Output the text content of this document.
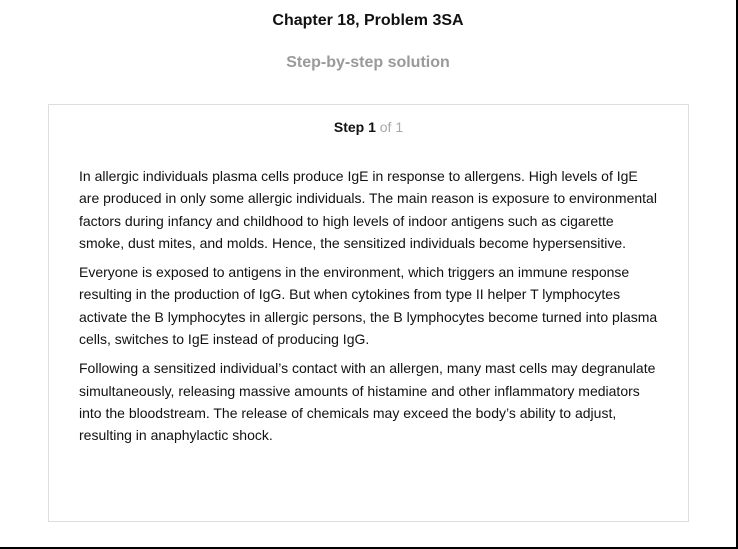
Chapter 18, Problem 3SA
Step-by-step solution
Step 1 of 1

In allergic individuals plasma cells produce IgE in response to allergens. High levels of IgE are produced in only some allergic individuals. The main reason is exposure to environmental factors during infancy and childhood to high levels of indoor antigens such as cigarette smoke, dust mites, and molds. Hence, the sensitized individuals become hypersensitive.

Everyone is exposed to antigens in the environment, which triggers an immune response resulting in the production of IgG. But when cytokines from type II helper T lymphocytes activate the B lymphocytes in allergic persons, the B lymphocytes become turned into plasma cells, switches to IgE instead of producing IgG.

Following a sensitized individual’s contact with an allergen, many mast cells may degranulate simultaneously, releasing massive amounts of histamine and other inflammatory mediators into the bloodstream. The release of chemicals may exceed the body’s ability to adjust, resulting in anaphylactic shock.
